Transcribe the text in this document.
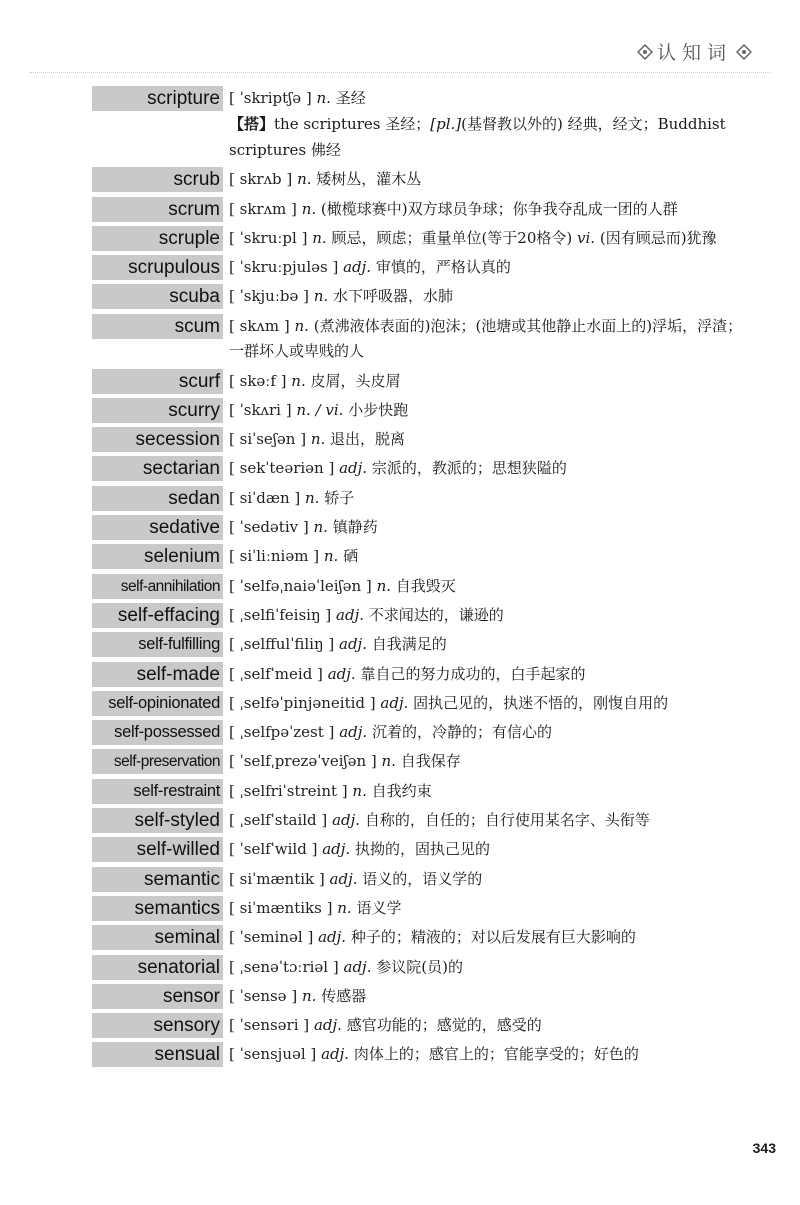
认知词
scripture [ ˈskriptʃə ] n. 圣经
【搭】the scriptures 圣经；[pl.](基督教以外的) 经典，经文；Buddhist scriptures 佛经
scrub [ skrʌb ] n. 矮树丛，灌木丛
scrum [ skrʌm ] n. (橄榄球赛中)双方球员争球；你争我夺乱成一团的人群
scruple [ ˈskruːpl ] n. 顾忌，顾虑；重量单位(等于20格令) vi. (因有顾忌而)犹豫
scrupulous [ ˈskruːpjuləs ] adj. 审慎的，严格认真的
scuba [ ˈskjuːbə ] n. 水下呼吸器，水肺
scum [ skʌm ] n. (煮沸液体表面的)泡沫；(池塘或其他静止水面上的)浮垢，浮渣；一群坏人或卑贱的人
scurf [ skəːf ] n. 皮屑，头皮屑
scurry [ ˈskʌri ] n. / vi. 小步快跑
secession [ siˈseʃən ] n. 退出，脱离
sectarian [ sekˈteəriən ] adj. 宗派的，教派的；思想狭隘的
sedan [ siˈdæn ] n. 轿子
sedative [ ˈsedətiv ] n. 镇静药
selenium [ siˈliːniəm ] n. 硒
self-annihilation [ ˈselfəˌnaiəˈleiʃən ] n. 自我毁灭
self-effacing [ ˌselfiˈfeisiŋ ] adj. 不求闻达的，谦逊的
self-fulfilling [ ˌselffulˈfiliŋ ] adj. 自我满足的
self-made [ ˌselfˈmeid ] adj. 靠自己的努力成功的，白手起家的
self-opinionated [ ˌselfəˈpinjəneitid ] adj. 固执己见的，执迷不悟的，刚愎自用的
self-possessed [ ˌselfpəˈzest ] adj. 沉着的，冷静的；有信心的
self-preservation [ ˈselfˌprezəˈveiʃən ] n. 自我保存
self-restraint [ ˌselfriˈstreint ] n. 自我约束
self-styled [ ˌselfˈstaild ] adj. 自称的，自任的；自行使用某名字、头衔等
self-willed [ ˈselfˈwild ] adj. 执拗的，固执己见的
semantic [ siˈmæntik ] adj. 语义的，语义学的
semantics [ siˈmæntiks ] n. 语义学
seminal [ ˈseminəl ] adj. 种子的；精液的；对以后发展有巨大影响的
senatorial [ ˌsenəˈtɔːriəl ] adj. 参议院(员)的
sensor [ ˈsensə ] n. 传感器
sensory [ ˈsensəri ] adj. 感官功能的；感觉的，感受的
sensual [ ˈsensjuəl ] adj. 肉体上的；感官上的；官能享受的；好色的
343
